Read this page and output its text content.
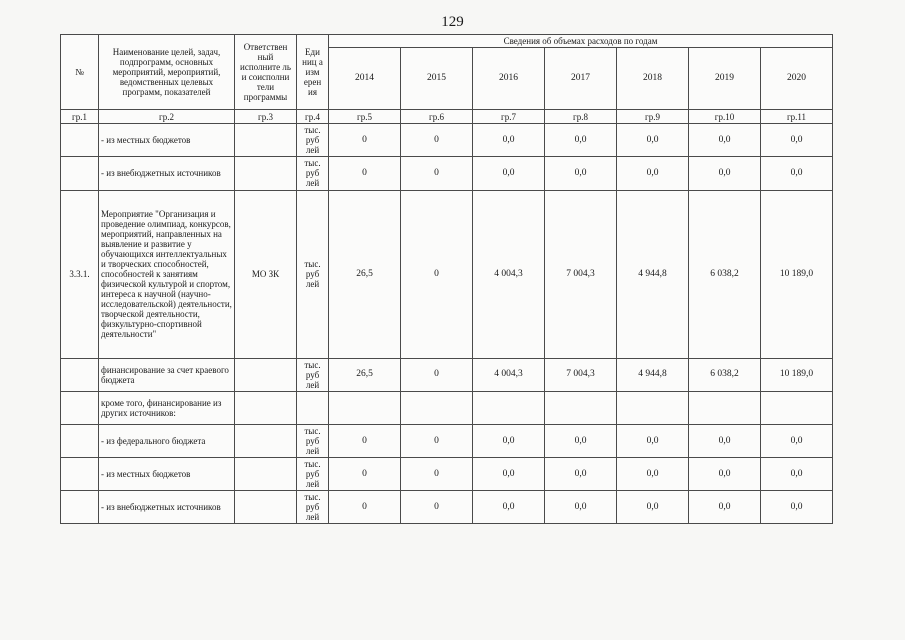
129
№	Наименование целей, задач, подпрограмм, основных мероприятий, мероприятий, ведомственных целевых программ, показателей	Ответствен ный исполните ль и соисполни тели программы	Еди ниц а изм ерен ия	Сведения об объемах расходов по годам						
				2014	2015	2016	2017	2018	2019	2020
гр.1	гр.2	гр.3	гр.4	гр.5	гр.6	гр.7	гр.8	гр.9	гр.10	гр.11
	- из местных бюджетов		тыс. руб лей	0	0	0,0	0,0	0,0	0,0	0,0
	- из внебюджетных источников		тыс. руб лей	0	0	0,0	0,0	0,0	0,0	0,0
3.3.1.	Мероприятие "Организация и проведение олимпиад, конкурсов, мероприятий, направленных на выявление и развитие у обучающихся интеллектуальных и творческих способностей, способностей к занятиям физической культурой и спортом, интереса к научной (научно-исследовательской) деятельности, творческой деятельности, физкультурно-спортивной деятельности"	МО ЗК	тыс. руб лей	26,5	0	4 004,3	7 004,3	4 944,8	6 038,2	10 189,0
	финансирование за счет краевого бюджета		тыс. руб лей	26,5	0	4 004,3	7 004,3	4 944,8	6 038,2	10 189,0
	кроме того, финансирование из других источников:									
	- из федерального бюджета		тыс. руб лей	0	0	0,0	0,0	0,0	0,0	0,0
	- из местных бюджетов		тыс. руб лей	0	0	0,0	0,0	0,0	0,0	0,0
	- из внебюджетных источников		тыс. руб лей	0	0	0,0	0,0	0,0	0,0	0,0
